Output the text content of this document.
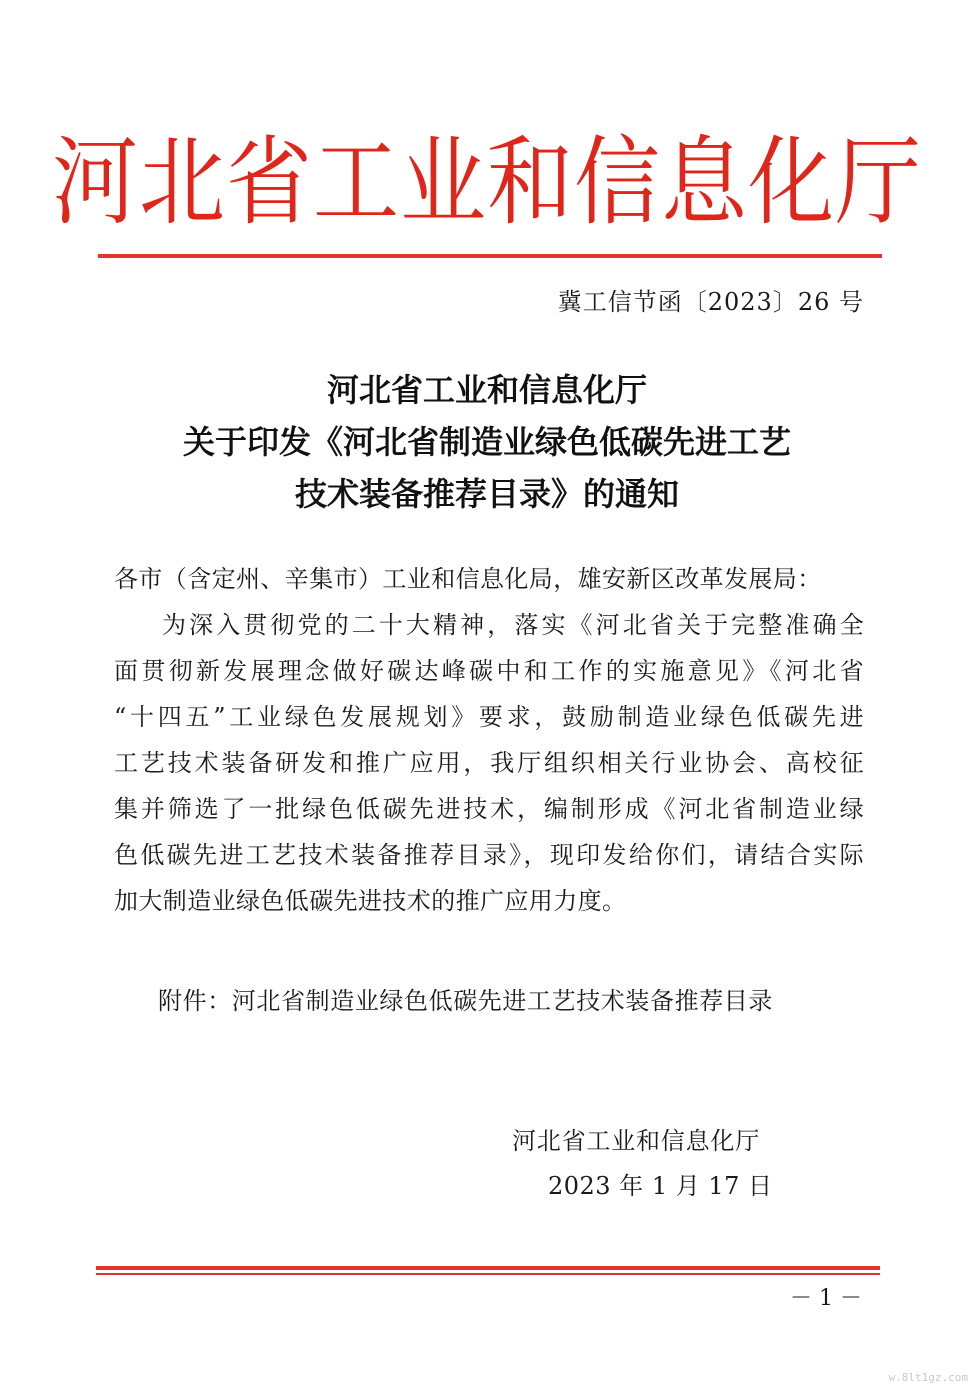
河北省工业和信息化厅
冀工信节函〔2023〕26 号
河北省工业和信息化厅
关于印发《河北省制造业绿色低碳先进工艺
技术装备推荐目录》的通知
各市（含定州、辛集市）工业和信息化局，雄安新区改革发展局：
为深入贯彻党的二十大精神，落实《河北省关于完整准确全
面贯彻新发展理念做好碳达峰碳中和工作的实施意见》《河北省
“十四五”工业绿色发展规划》要求，鼓励制造业绿色低碳先进
工艺技术装备研发和推广应用，我厅组织相关行业协会、高校征
集并筛选了一批绿色低碳先进技术，编制形成《河北省制造业绿
色低碳先进工艺技术装备推荐目录》，现印发给你们，请结合实际
加大制造业绿色低碳先进技术的推广应用力度。
附件：河北省制造业绿色低碳先进工艺技术装备推荐目录
河北省工业和信息化厅
2023 年 1 月 17 日
－ 1 －
w.8lt1gz.com
